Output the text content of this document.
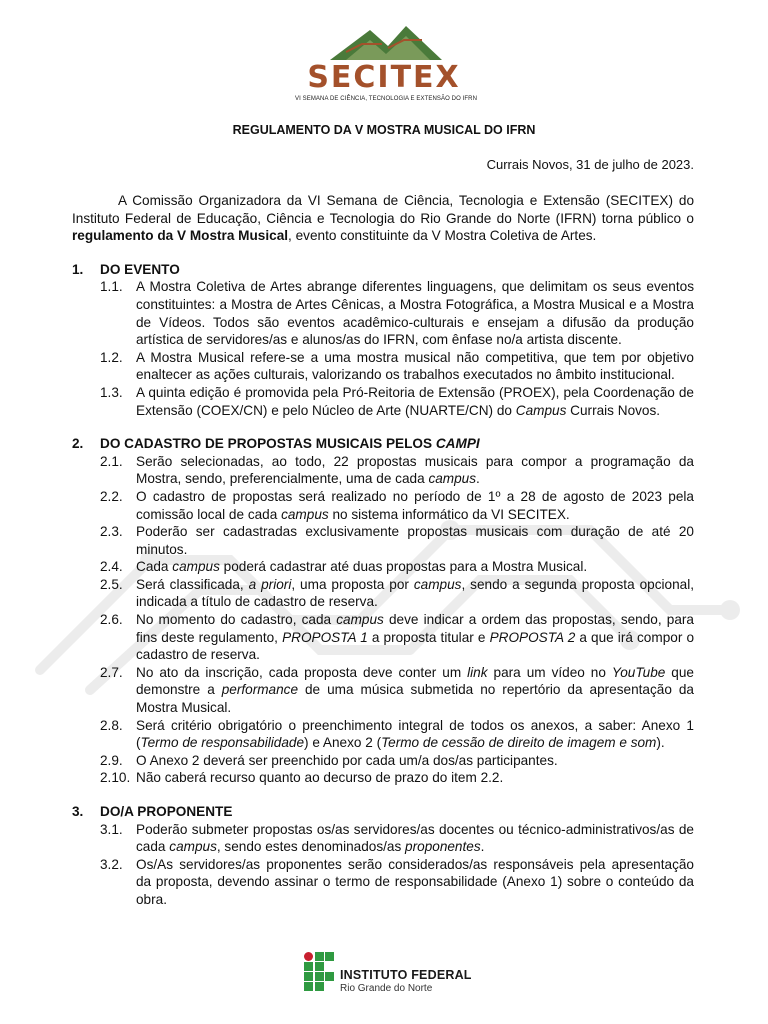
SECITEX
VI SEMANA DE CIÊNCIA, TECNOLOGIA E EXTENSÃO DO IFRN
REGULAMENTO DA V MOSTRA MUSICAL DO IFRN
Currais Novos, 31 de julho de 2023.

A Comissão Organizadora da VI Semana de Ciência, Tecnologia e Extensão (SECITEX) do Instituto Federal de Educação, Ciência e Tecnologia do Rio Grande do Norte (IFRN) torna público o regulamento da V Mostra Musical, evento constituinte da V Mostra Coletiva de Artes.

1.	DO EVENTO
1.1. A Mostra Coletiva de Artes abrange diferentes linguagens, que delimitam os seus eventos constituintes: a Mostra de Artes Cênicas, a Mostra Fotográfica, a Mostra Musical e a Mostra de Vídeos. Todos são eventos acadêmico-culturais e ensejam a difusão da produção artística de servidores/as e alunos/as do IFRN, com ênfase no/a artista discente.
1.2. A Mostra Musical refere-se a uma mostra musical não competitiva, que tem por objetivo enaltecer as ações culturais, valorizando os trabalhos executados no âmbito institucional.
1.3. A quinta edição é promovida pela Pró-Reitoria de Extensão (PROEX), pela Coordenação de Extensão (COEX/CN) e pelo Núcleo de Arte (NUARTE/CN) do Campus Currais Novos.
2.	DO CADASTRO DE PROPOSTAS MUSICAIS PELOS CAMPI
2.1. Serão selecionadas, ao todo, 22 propostas musicais para compor a programação da Mostra, sendo, preferencialmente, uma de cada campus.
2.2. O cadastro de propostas será realizado no período de 1º a 28 de agosto de 2023 pela comissão local de cada campus no sistema informático da VI SECITEX.
2.3. Poderão ser cadastradas exclusivamente propostas musicais com duração de até 20 minutos.
2.4. Cada campus poderá cadastrar até duas propostas para a Mostra Musical.
2.5. Será classificada, a priori, uma proposta por campus, sendo a segunda proposta opcional, indicada a título de cadastro de reserva.
2.6. No momento do cadastro, cada campus deve indicar a ordem das propostas, sendo, para fins deste regulamento, PROPOSTA 1 a proposta titular e PROPOSTA 2 a que irá compor o cadastro de reserva.
2.7. No ato da inscrição, cada proposta deve conter um link para um vídeo no YouTube que demonstre a performance de uma música submetida no repertório da apresentação da Mostra Musical.
2.8. Será critério obrigatório o preenchimento integral de todos os anexos, a saber: Anexo 1 (Termo de responsabilidade) e Anexo 2 (Termo de cessão de direito de imagem e som).
2.9. O Anexo 2 deverá ser preenchido por cada um/a dos/as participantes.
2.10. Não caberá recurso quanto ao decurso de prazo do item 2.2.
3.	DO/A PROPONENTE
3.1. Poderão submeter propostas os/as servidores/as docentes ou técnico-administrativos/as de cada campus, sendo estes denominados/as proponentes.
3.2. Os/As servidores/as proponentes serão considerados/as responsáveis pela apresentação da proposta, devendo assinar o termo de responsabilidade (Anexo 1) sobre o conteúdo da obra.
INSTITUTO FEDERAL
Rio Grande do Norte
